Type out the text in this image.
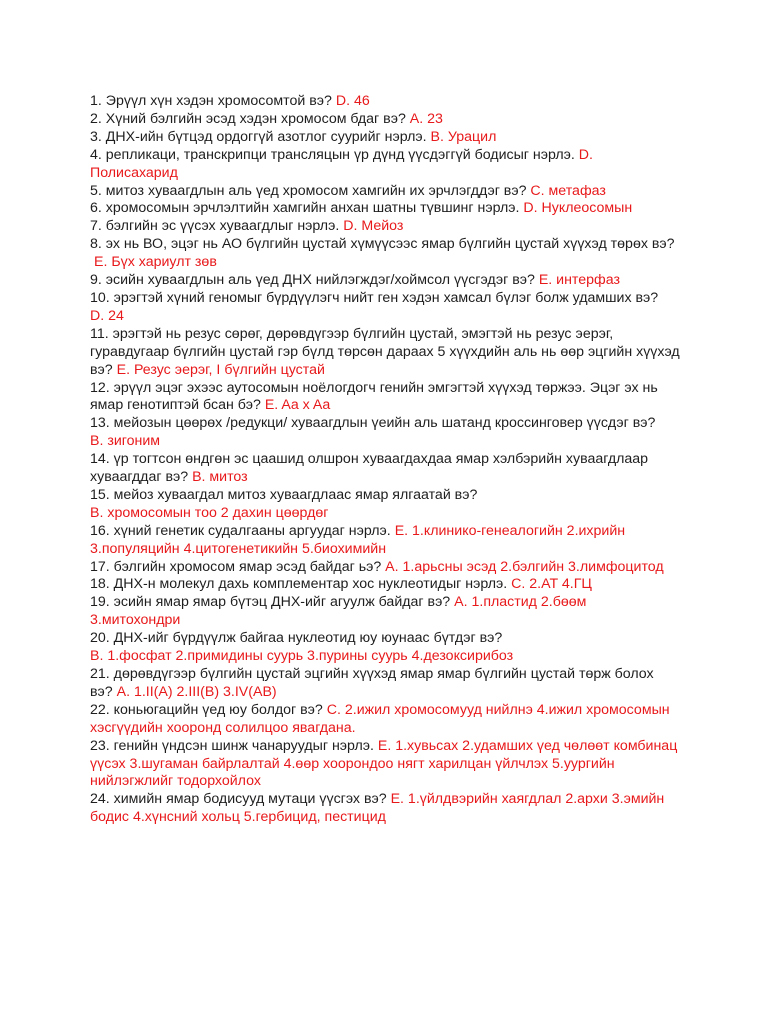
1. Эрүүл хүн хэдэн хромосомтой вэ? D. 46

2. Хүний бэлгийн эсэд хэдэн хромосом бдаг вэ? A. 23

3. ДНХ-ийн бүтцэд ордоггүй азотлог суурийг нэрлэ. B. Урацил

4. репликаци, транскрипци трансляцын үр дүнд үүсдэггүй бодисыг нэрлэ. D. Полисахарид

5. митоз хуваагдлын аль үед хромосом хамгийн их эрчлэгддэг вэ? C. метафаз

6. хромосомын эрчлэлтийн хамгийн анхан шатны түвшинг нэрлэ. D. Нуклеосомын

7. бэлгийн эс үүсэх хуваагдлыг нэрлэ. D. Мейоз

8. эх нь ВО, эцэг нь АО бүлгийн цустай хүмүүсээс ямар бүлгийн цустай хүүхэд төрөх вэ?
E. Бүх хариулт зөв

9. эсийн хуваагдлын аль үед ДНХ нийлэгждэг/хоймсол үүсгэдэг вэ? E. интерфаз

10. эрэгтэй хүний геномыг бүрдүүлэгч нийт ген хэдэн хамсал бүлэг болж удамших вэ?
D. 24

11. эрэгтэй нь резус сөрөг, дөрөвдүгээр бүлгийн цустай, эмэгтэй нь резус эерэг, гуравдугаар бүлгийн цустай гэр бүлд төрсөн дараах 5 хүүхдийн аль нь өөр эцгийн хүүхэд вэ? E. Резус эерэг, I бүлгийн цустай

12. эрүүл эцэг эхээс аутосомын ноёлогдогч генийн эмгэгтэй хүүхэд төржээ. Эцэг эх нь ямар генотиптэй бсан бэ? E. Aa x Aa

13. мейозын цөөрөх /редукци/ хуваагдлын үеийн аль шатанд кроссинговер үүсдэг вэ?
B. зигоним

14. үр тогтсон өндгөн эс цаашид олшрон хуваагдахдаа ямар хэлбэрийн хуваагдлаар хуваагддаг вэ? B. митоз

15. мейоз хуваагдал митоз хуваагдлаас ямар ялгаатай вэ?
B. хромосомын тоо 2 дахин цөөрдөг

16. хүний генетик судалгааны аргуудаг нэрлэ. E. 1.клинико-генеалогийн 2.ихрийн 3.популяцийн 4.цитогенетикийн 5.биохимийн

17. бэлгийн хромосом ямар эсэд байдаг ьэ? A. 1.арьсны эсэд 2.бэлгийн 3.лимфоцитод

18. ДНХ-н молекул дахь комплементар хос нуклеотидыг нэрлэ. C. 2.AT 4.ГЦ

19. эсийн ямар ямар бүтэц ДНХ-ийг агуулж байдаг вэ? A. 1.пластид 2.бөөм 3.митохондри

20. ДНХ-ийг бүрдүүлж байгаа нуклеотид юу юунаас бүтдэг вэ?
B. 1.фосфат 2.примидины суурь 3.пурины суурь 4.дезоксирибоз

21. дөрөвдүгээр бүлгийн цустай эцгийн хүүхэд ямар ямар бүлгийн цустай төрж болох вэ? A. 1.II(A) 2.III(B) 3.IV(AB)

22. коньюгацийн үед юу болдог вэ? C. 2.ижил хромосомууд нийлнэ 4.ижил хромосомын хэсгүүдийн хооронд солилцоо явагдана.

23. генийн үндсэн шинж чанаруудыг нэрлэ. E. 1.хувьсах 2.удамших үед чөлөөт комбинац үүсэх 3.шугаман байрлалтай 4.өөр хоорондоо нягт харилцан үйлчлэх 5.уургийн нийлэгжлийг тодорхойлох

24. химийн ямар бодисууд мутаци үүсгэх вэ? E. 1.үйлдвэрийн хаягдлал 2.архи 3.эмийн бодис 4.хүнсний хольц 5.гербицид, пестицид
